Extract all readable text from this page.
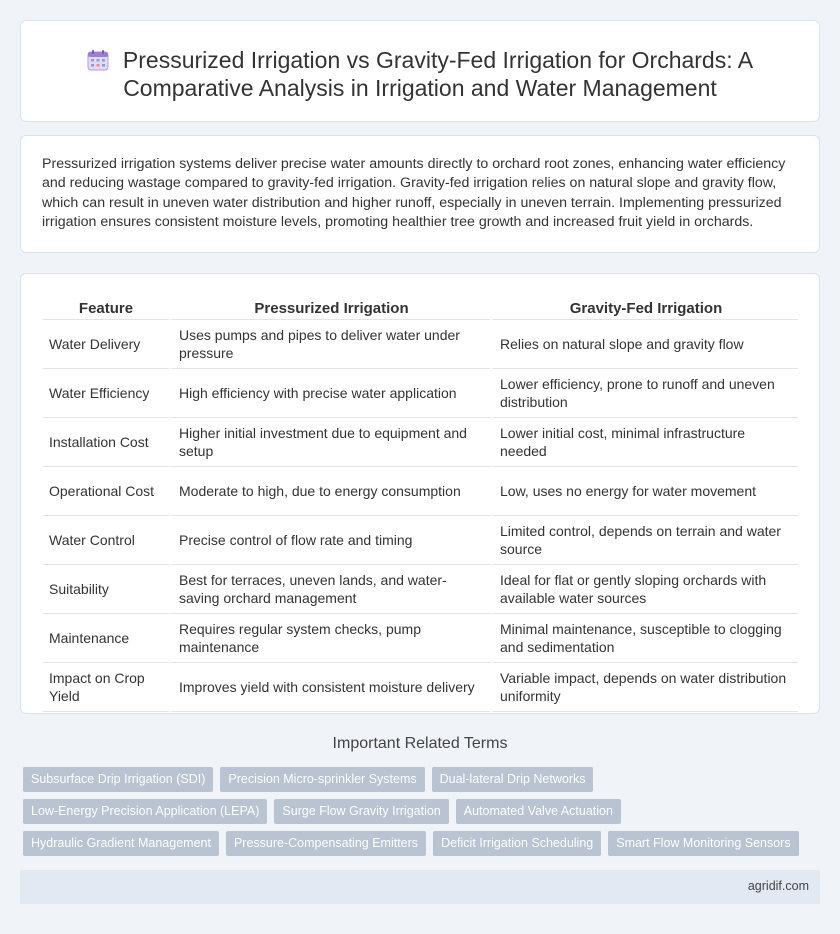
Pressurized Irrigation vs Gravity-Fed Irrigation for Orchards: A Comparative Analysis in Irrigation and Water Management

Pressurized irrigation systems deliver precise water amounts directly to orchard root zones, enhancing water efficiency and reducing wastage compared to gravity-fed irrigation. Gravity-fed irrigation relies on natural slope and gravity flow, which can result in uneven water distribution and higher runoff, especially in uneven terrain. Implementing pressurized irrigation ensures consistent moisture levels, promoting healthier tree growth and increased fruit yield in orchards.

Feature	Pressurized Irrigation	Gravity-Fed Irrigation
Water Delivery	Uses pumps and pipes to deliver water under pressure	Relies on natural slope and gravity flow
Water Efficiency	High efficiency with precise water application	Lower efficiency, prone to runoff and uneven distribution
Installation Cost	Higher initial investment due to equipment and setup	Lower initial cost, minimal infrastructure needed
Operational Cost	Moderate to high, due to energy consumption	Low, uses no energy for water movement
Water Control	Precise control of flow rate and timing	Limited control, depends on terrain and water source
Suitability	Best for terraces, uneven lands, and water-saving orchard management	Ideal for flat or gently sloping orchards with available water sources
Maintenance	Requires regular system checks, pump maintenance	Minimal maintenance, susceptible to clogging and sedimentation
Impact on Crop Yield	Improves yield with consistent moisture delivery	Variable impact, depends on water distribution uniformity
Important Related Terms
Subsurface Drip Irrigation (SDI)	Precision Micro-sprinkler Systems	Dual-lateral Drip Networks
Low-Energy Precision Application (LEPA)	Surge Flow Gravity Irrigation	Automated Valve Actuation
Hydraulic Gradient Management	Pressure-Compensating Emitters	Deficit Irrigation Scheduling	Smart Flow Monitoring Sensors
agridif.com
